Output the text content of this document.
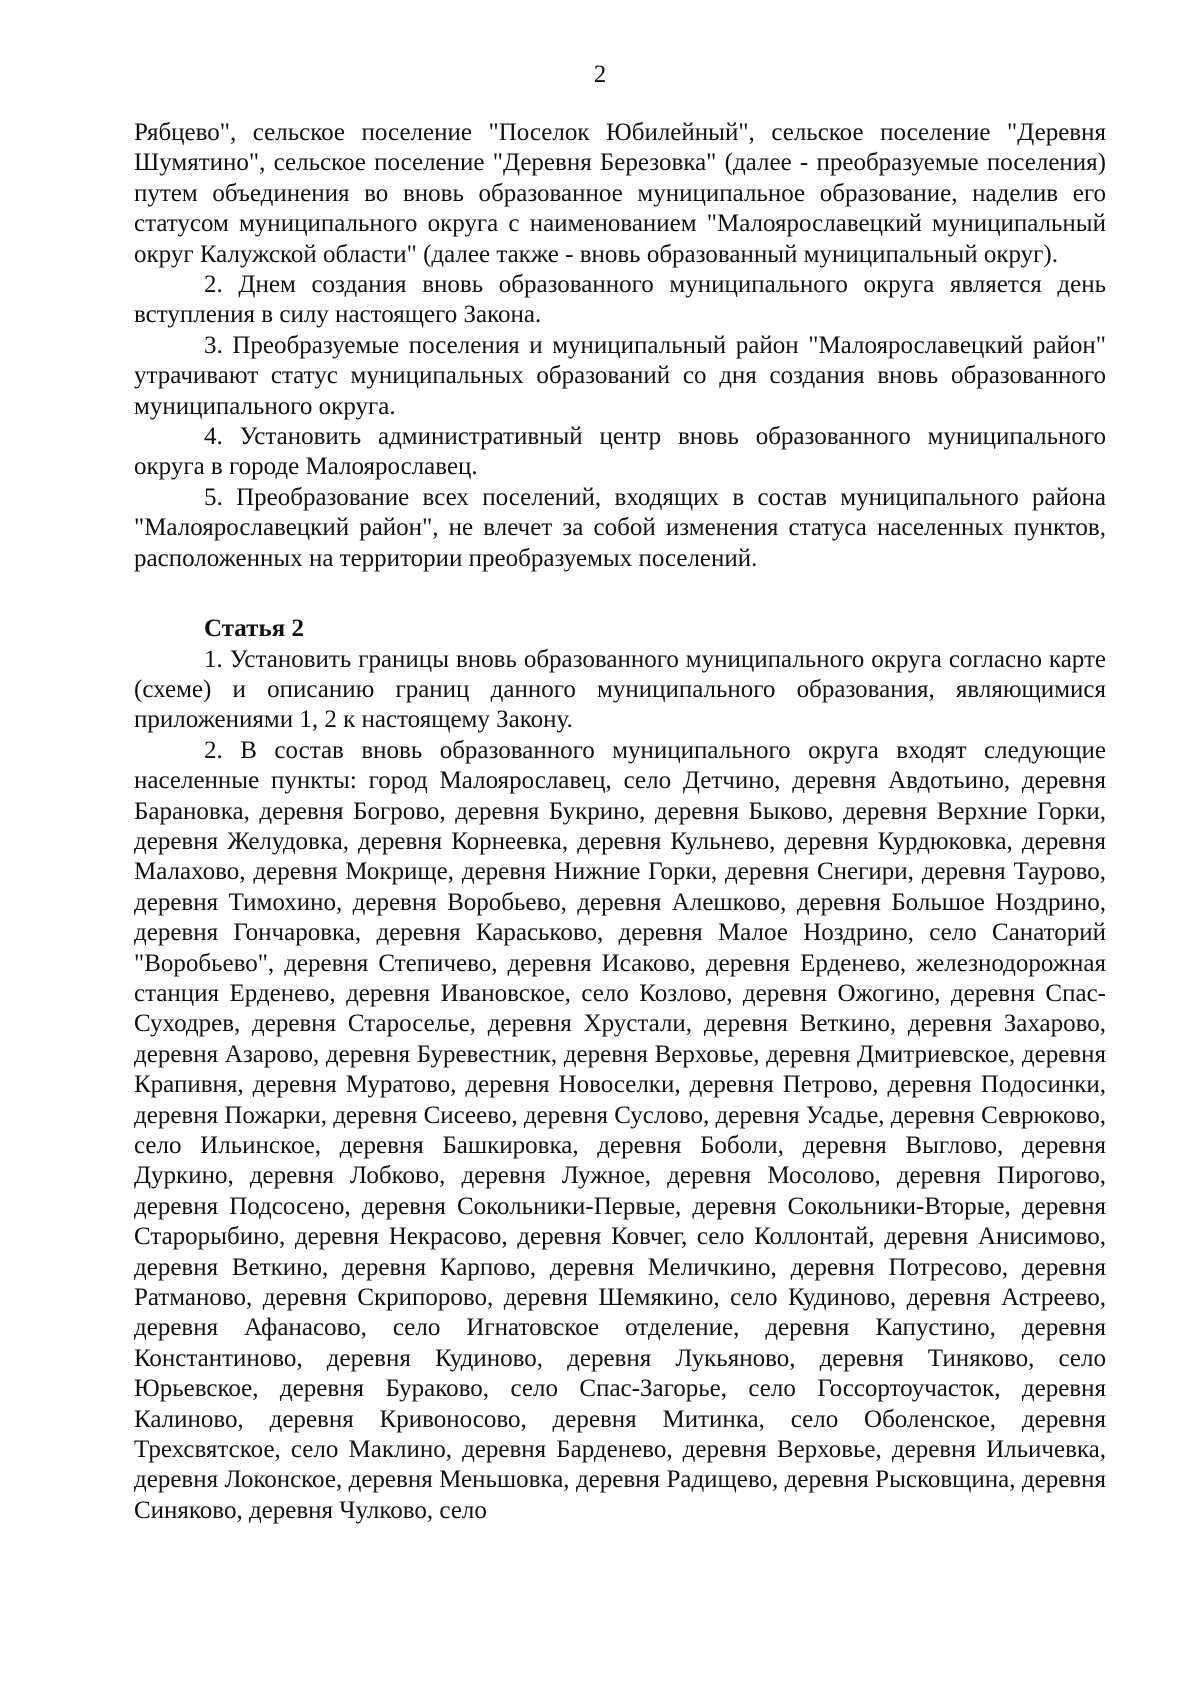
2

Рябцево", сельское поселение "Поселок Юбилейный", сельское поселение "Деревня Шумятино", сельское поселение "Деревня Березовка" (далее - преобразуемые поселения) путем объединения во вновь образованное муниципальное образование, наделив его статусом муниципального округа с наименованием "Малоярославецкий муниципальный округ Калужской области" (далее также - вновь образованный муниципальный округ).

2. Днем создания вновь образованного муниципального округа является день вступления в силу настоящего Закона.

3. Преобразуемые поселения и муниципальный район "Малоярославецкий район" утрачивают статус муниципальных образований со дня создания вновь образованного муниципального округа.

4. Установить административный центр вновь образованного муниципального округа в городе Малоярославец.

5. Преобразование всех поселений, входящих в состав муниципального района "Малоярославецкий район", не влечет за собой изменения статуса населенных пунктов, расположенных на территории преобразуемых поселений.

Статья 2

1. Установить границы вновь образованного муниципального округа согласно карте (схеме) и описанию границ данного муниципального образования, являющимися приложениями 1, 2 к настоящему Закону.

2. В состав вновь образованного муниципального округа входят следующие населенные пункты: город Малоярославец, село Детчино, деревня Авдотьино, деревня Барановка, деревня Богрово, деревня Букрино, деревня Быково, деревня Верхние Горки, деревня Желудовка, деревня Корнеевка, деревня Кульнево, деревня Курдюковка, деревня Малахово, деревня Мокрище, деревня Нижние Горки, деревня Снегири, деревня Таурово, деревня Тимохино, деревня Воробьево, деревня Алешково, деревня Большое Ноздрино, деревня Гончаровка, деревня Караськово, деревня Малое Ноздрино, село Санаторий "Воробьево", деревня Степичево, деревня Исаково, деревня Ерденево, железнодорожная станция Ерденево, деревня Ивановское, село Козлово, деревня Ожогино, деревня Спас-Суходрев, деревня Староселье, деревня Хрустали, деревня Веткино, деревня Захарово, деревня Азарово, деревня Буревестник, деревня Верховье, деревня Дмитриевское, деревня Крапивня, деревня Муратово, деревня Новоселки, деревня Петрово, деревня Подосинки, деревня Пожарки, деревня Сисеево, деревня Суслово, деревня Усадье, деревня Севрюково, село Ильинское, деревня Башкировка, деревня Боболи, деревня Выглово, деревня Дуркино, деревня Лобково, деревня Лужное, деревня Мосолово, деревня Пирогово, деревня Подсосено, деревня Сокольники-Первые, деревня Сокольники-Вторые, деревня Старорыбино, деревня Некрасово, деревня Ковчег, село Коллонтай, деревня Анисимово, деревня Веткино, деревня Карпово, деревня Меличкино, деревня Потресово, деревня Ратманово, деревня Скрипорово, деревня Шемякино, село Кудиново, деревня Астреево, деревня Афанасово, село Игнатовское отделение, деревня Капустино, деревня Константиново, деревня Кудиново, деревня Лукьяново, деревня Тиняково, село Юрьевское, деревня Бураково, село Спас-Загорье, село Госсортоучасток, деревня Калиново, деревня Кривоносово, деревня Митинка, село Оболенское, деревня Трехсвятское, село Маклино, деревня Барденево, деревня Верховье, деревня Ильичевка, деревня Локонское, деревня Меньшовка, деревня Радищево, деревня Рысковщина, деревня Синяково, деревня Чулково, село
